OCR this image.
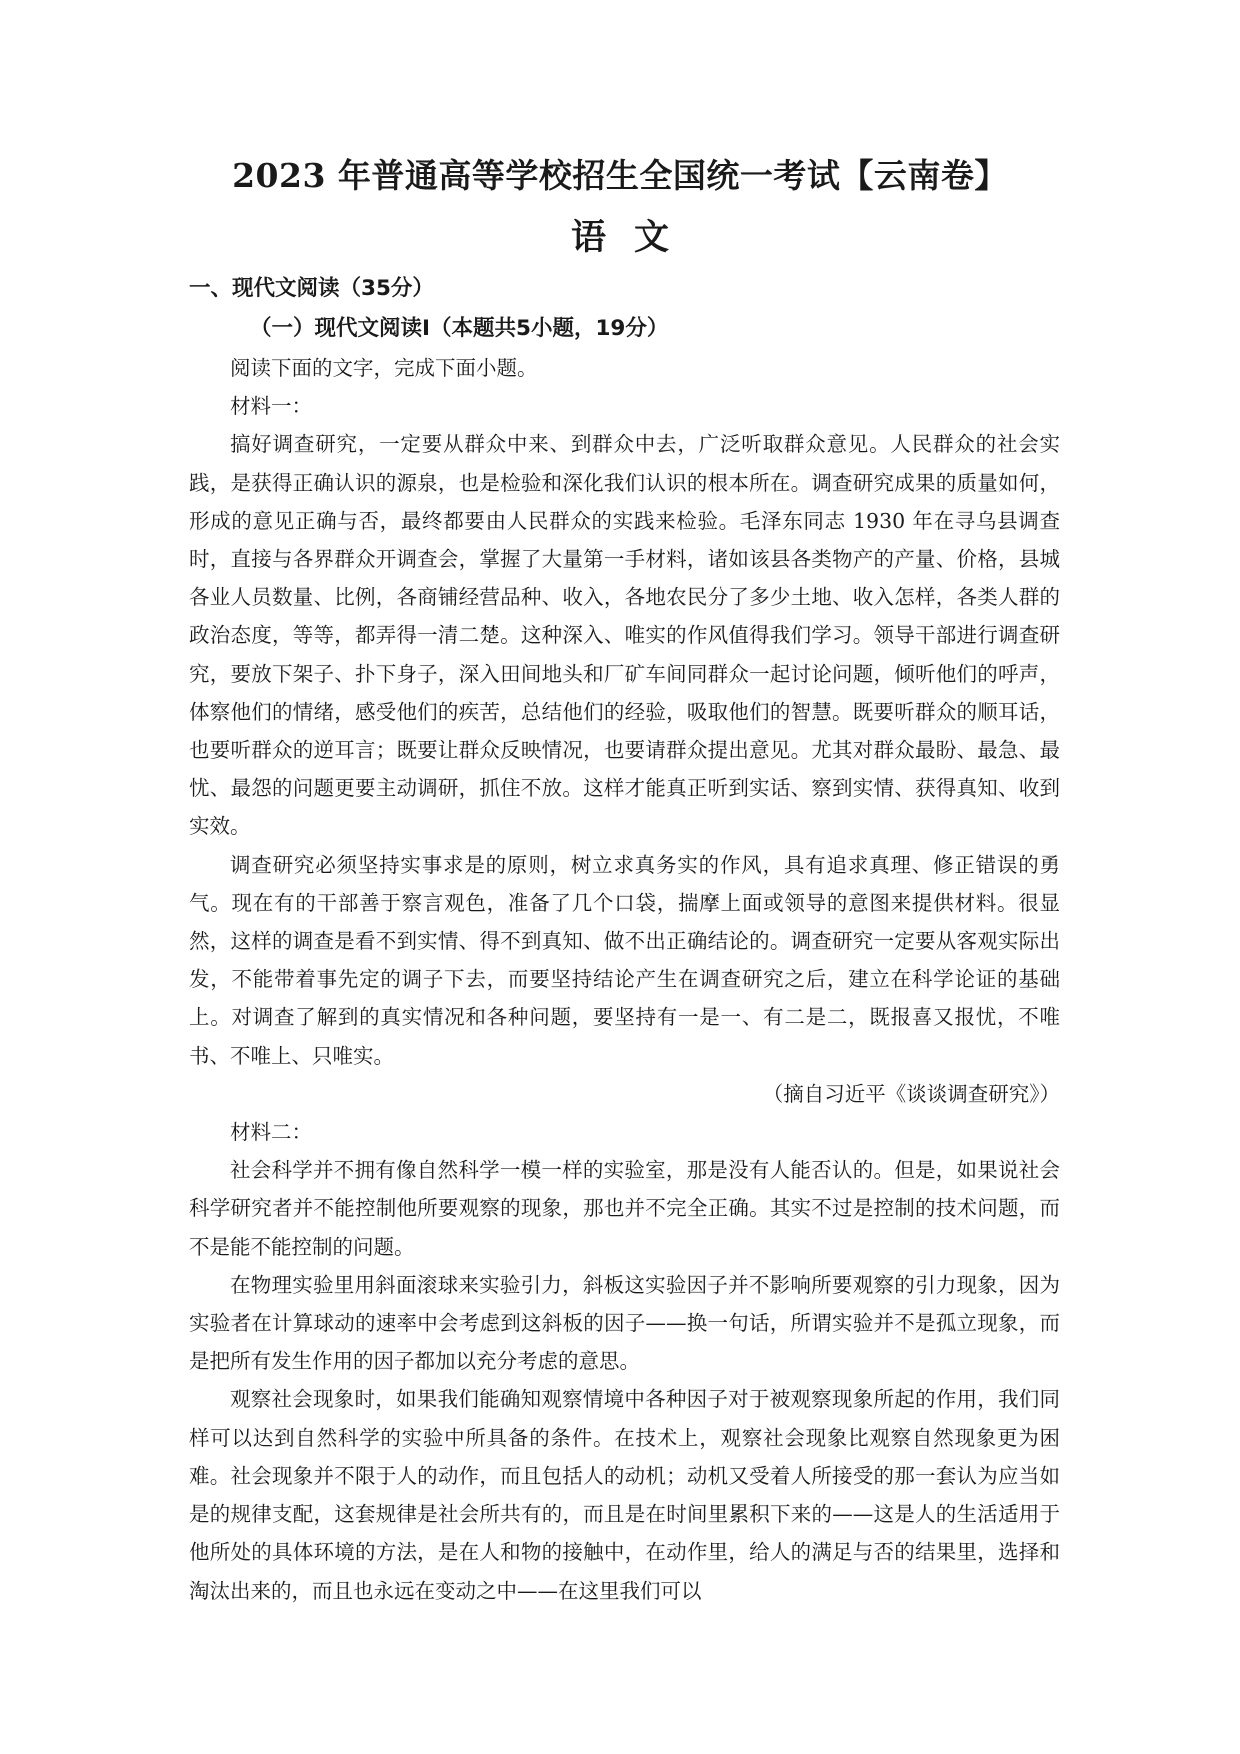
2023 年普通高等学校招生全国统一考试【云南卷】
语文
一、现代文阅读（35分）
（一）现代文阅读Ⅰ（本题共5小题，19分）

阅读下面的文字，完成下面小题。

材料一：

搞好调查研究，一定要从群众中来、到群众中去，广泛听取群众意见。人民群众的社会实践，是获得正确认识的源泉，也是检验和深化我们认识的根本所在。调查研究成果的质量如何，形成的意见正确与否，最终都要由人民群众的实践来检验。毛泽东同志 1930 年在寻乌县调查时，直接与各界群众开调查会，掌握了大量第一手材料，诸如该县各类物产的产量、价格，县城各业人员数量、比例，各商铺经营品种、收入，各地农民分了多少土地、收入怎样，各类人群的政治态度，等等，都弄得一清二楚。这种深入、唯实的作风值得我们学习。领导干部进行调查研究，要放下架子、扑下身子，深入田间地头和厂矿车间同群众一起讨论问题，倾听他们的呼声，体察他们的情绪，感受他们的疾苦，总结他们的经验，吸取他们的智慧。既要听群众的顺耳话，也要听群众的逆耳言；既要让群众反映情况，也要请群众提出意见。尤其对群众最盼、最急、最忧、最怨的问题更要主动调研，抓住不放。这样才能真正听到实话、察到实情、获得真知、收到实效。

调查研究必须坚持实事求是的原则，树立求真务实的作风，具有追求真理、修正错误的勇气。现在有的干部善于察言观色，准备了几个口袋，揣摩上面或领导的意图来提供材料。很显然，这样的调查是看不到实情、得不到真知、做不出正确结论的。调查研究一定要从客观实际出发，不能带着事先定的调子下去，而要坚持结论产生在调查研究之后，建立在科学论证的基础上。对调查了解到的真实情况和各种问题，要坚持有一是一、有二是二，既报喜又报忧，不唯书、不唯上、只唯实。

（摘自习近平《谈谈调查研究》）

材料二：

社会科学并不拥有像自然科学一模一样的实验室，那是没有人能否认的。但是，如果说社会科学研究者并不能控制他所要观察的现象，那也并不完全正确。其实不过是控制的技术问题，而不是能不能控制的问题。

在物理实验里用斜面滚球来实验引力，斜板这实验因子并不影响所要观察的引力现象，因为实验者在计算球动的速率中会考虑到这斜板的因子——换一句话，所谓实验并不是孤立现象，而是把所有发生作用的因子都加以充分考虑的意思。

观察社会现象时，如果我们能确知观察情境中各种因子对于被观察现象所起的作用，我们同样可以达到自然科学的实验中所具备的条件。在技术上，观察社会现象比观察自然现象更为困难。社会现象并不限于人的动作，而且包括人的动机；动机又受着人所接受的那一套认为应当如是的规律支配，这套规律是社会所共有的，而且是在时间里累积下来的——这是人的生活适用于他所处的具体环境的方法，是在人和物的接触中，在动作里，给人的满足与否的结果里，选择和淘汰出来的，而且也永远在变动之中——在这里我们可以
